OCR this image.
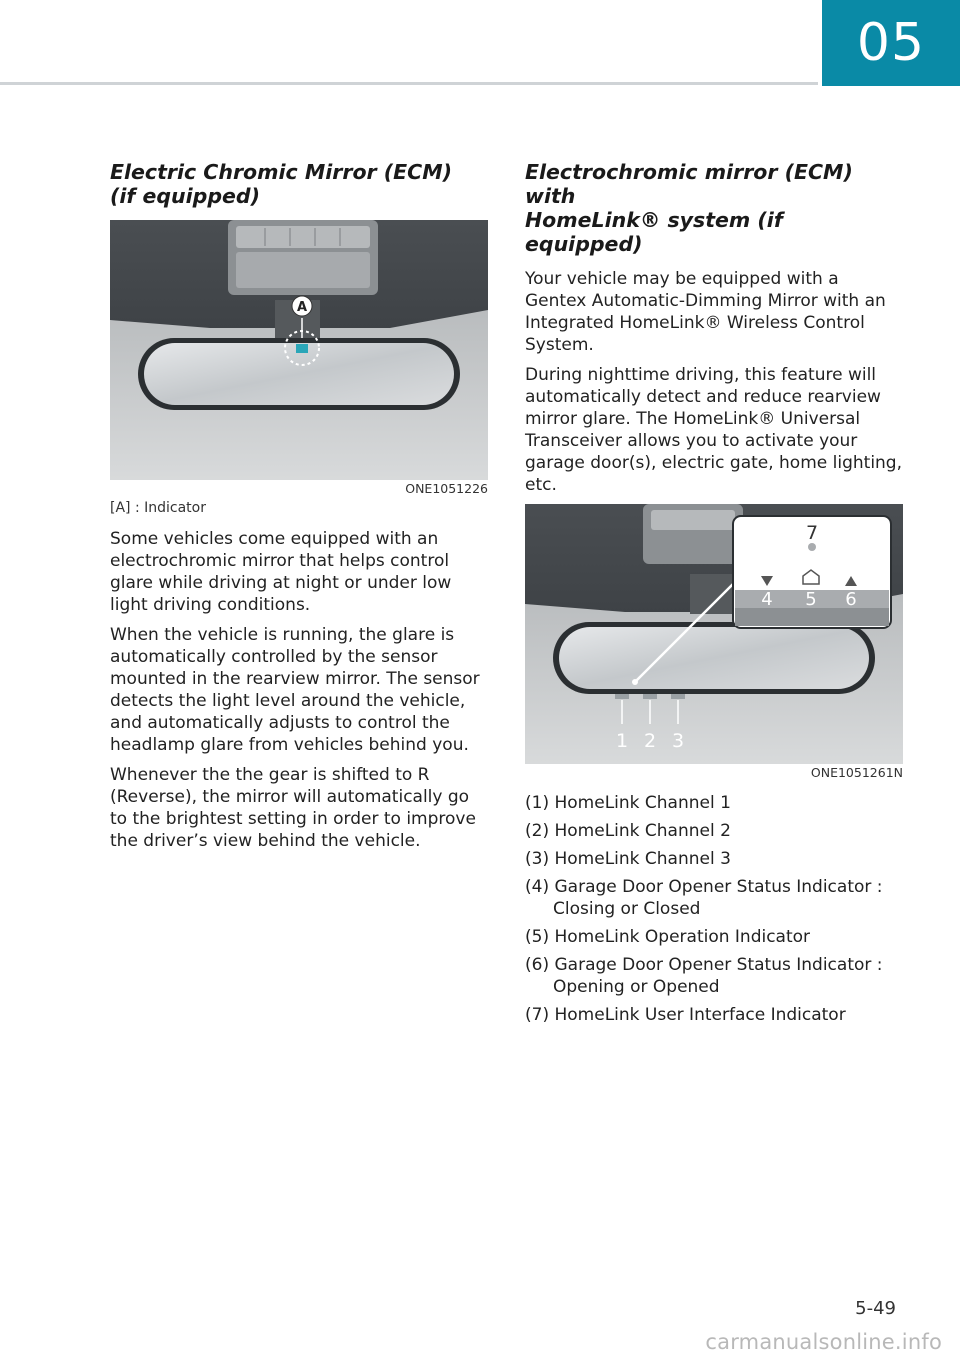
05
Electric Chromic Mirror (ECM)
(if equipped)
A
ONE1051226
[A] : Indicator

Some vehicles come equipped with an electrochromic mirror that helps control glare while driving at night or under low light driving conditions.

When the vehicle is running, the glare is automatically controlled by the sensor mounted in the rearview mirror. The sensor detects the light level around the vehicle, and automatically adjusts to control the headlamp glare from vehicles behind you.

Whenever the the gear is shifted to R (Reverse), the mirror will automatically go to the brightest setting in order to improve the driver’s view behind the vehicle.

Electrochromic mirror (ECM) with
HomeLink® system (if equipped)

Your vehicle may be equipped with a Gentex Automatic-Dimming Mirror with an Integrated HomeLink® Wireless Control System.

During nighttime driving, this feature will automatically detect and reduce rearview mirror glare. The HomeLink® Universal Transceiver allows you to activate your garage door(s), electric gate, home lighting, etc.

1 2 3
7
4 5 6
ONE1051261N
(1) HomeLink Channel 1
(2) HomeLink Channel 2
(3) HomeLink Channel 3
(4) Garage Door Opener Status Indicator : Closing or Closed
(5) HomeLink Operation Indicator
(6) Garage Door Opener Status Indicator : Opening or Opened
(7) HomeLink User Interface Indicator
5-49
carmanualsonline.info
